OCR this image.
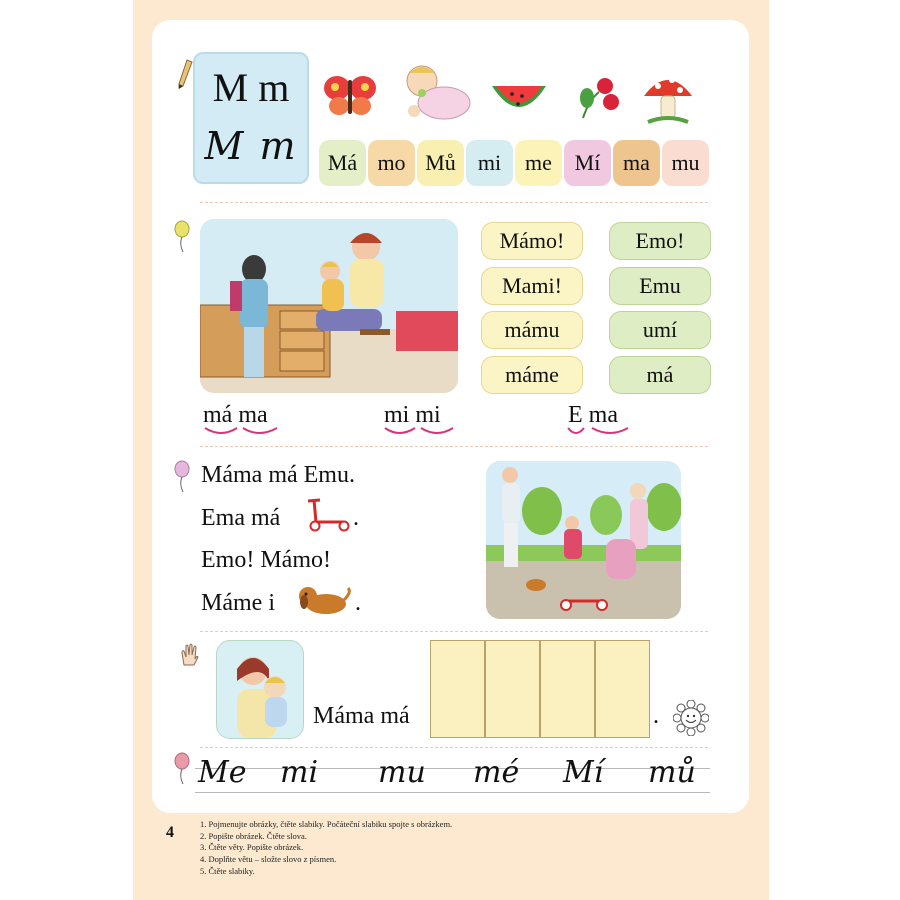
M m
M m	Má mo Mů mi me Mí ma mu
Mámo!
Mami!
mámu
máme
Emo!
Emu
umí
má
má ma	mi mi	E ma
Máma má Emu.
Ema má	.
Emo! Mámo!
Máme i	.
Máma má	.
Me mi mu mé Mí mů
4	1. Pojmenujte obrázky, čtěte slabiky. Počáteční slabiku spojte s obrázkem.
2. Popište obrázek. Čtěte slova.
3. Čtěte věty. Popište obrázek.
4. Doplňte větu – složte slovo z písmen.
5. Čtěte slabiky.
